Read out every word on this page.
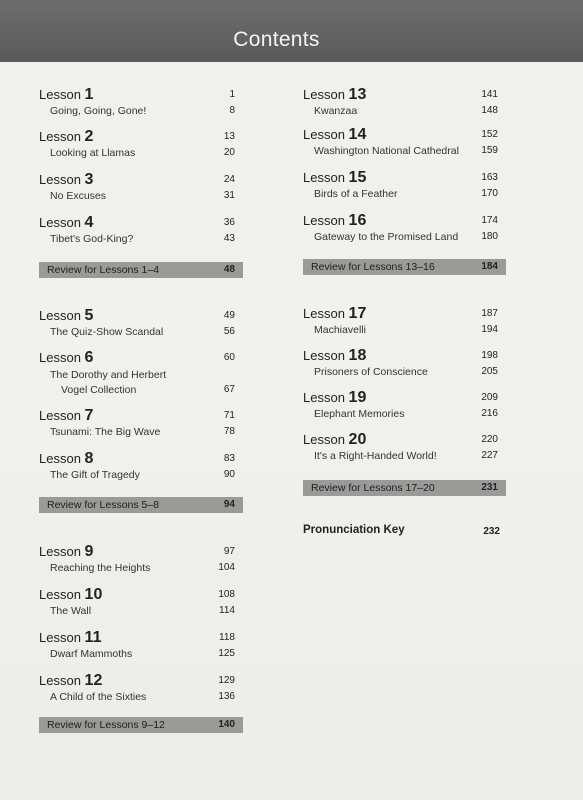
Contents
Lesson 1	1
Going, Going, Gone!	8
Lesson 2	13
Looking at Llamas	20
Lesson 3	24
No Excuses	31
Lesson 4	36
Tibet's God-King?	43
Review for Lessons 1–4	48
Lesson 5	49
The Quiz-Show Scandal	56
Lesson 6	60
The Dorothy and Herbert
Vogel Collection	67
Lesson 7	71
Tsunami: The Big Wave	78
Lesson 8	83
The Gift of Tragedy	90
Review for Lessons 5–8	94
Lesson 9	97
Reaching the Heights	104
Lesson 10	108
The Wall	114
Lesson 11	118
Dwarf Mammoths	125
Lesson 12	129
A Child of the Sixties	136
Review for Lessons 9–12	140
Lesson 13	141
Kwanzaa	148
Lesson 14	152
Washington National Cathedral 159
Lesson 15	163
Birds of a Feather	170
Lesson 16	174
Gateway to the Promised Land 180
Review for Lessons 13–16	184
Lesson 17	187
Machiavelli	194
Lesson 18	198
Prisoners of Conscience	205
Lesson 19	209
Elephant Memories	216
Lesson 20	220
It's a Right-Handed World!	227
Review for Lessons 17–20	231
Pronunciation Key	232
